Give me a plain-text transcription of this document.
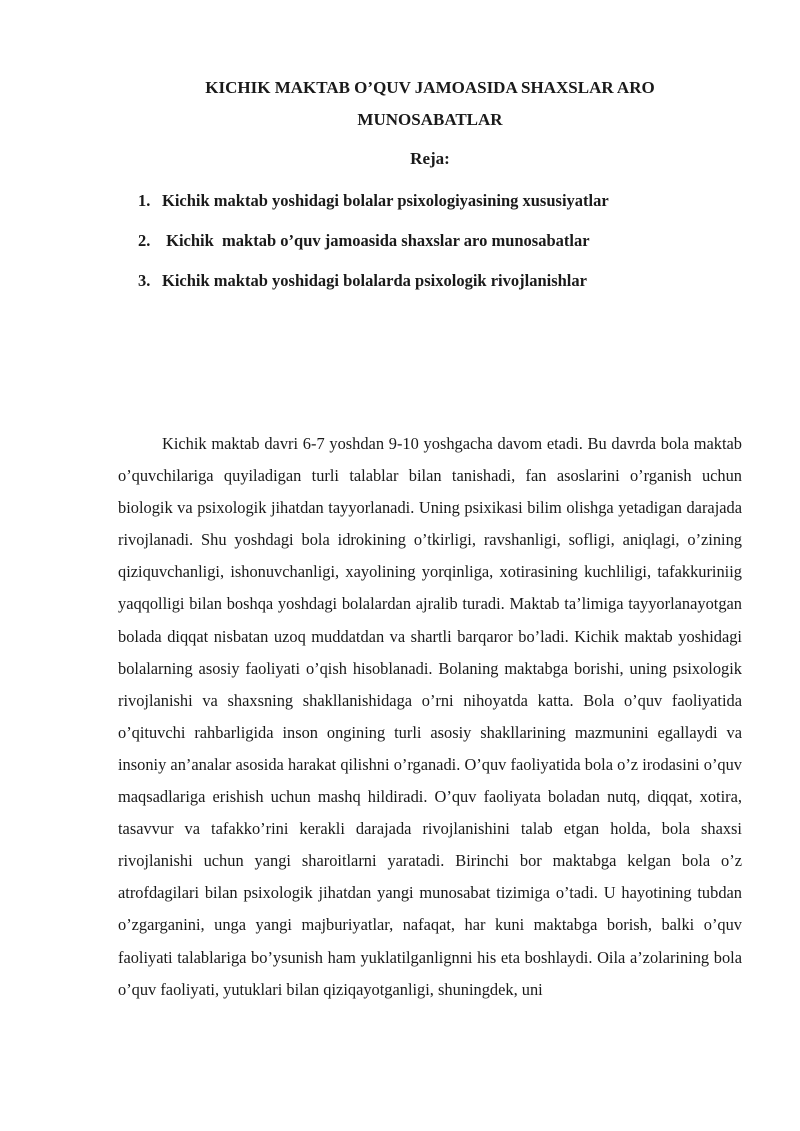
KICHIK MAKTAB O’QUV JAMOASIDA SHAXSLAR ARO
MUNOSABATLAR
Reja:
1. Kichik maktab yoshidagi bolalar psixologiyasining xususiyatlar
2. Kichik  maktab o’quv jamoasida shaxslar aro munosabatlar
3. Kichik maktab yoshidagi bolalarda psixologik rivojlanishlar

Kichik maktab davri 6-7 yoshdan 9-10 yoshgacha davom etadi. Bu davrda bola maktab o’quvchilariga quyiladigan turli talablar bilan tanishadi, fan asoslarini o’rganish uchun biologik va psixologik jihatdan tayyorlanadi. Uning psixikasi bilim olishga yetadigan darajada rivojlanadi. Shu yoshdagi bola idrokining o’tkirligi, ravshanligi, sofligi, aniqlagi, o’zining qiziquvchanligi, ishonuvchanligi, xayolining yorqinliga, xotirasining kuchliligi, tafakkuriniig yaqqolligi bilan boshqa yoshdagi bolalardan ajralib turadi. Maktab ta’limiga tayyorlanayotgan bolada diqqat nisbatan uzoq muddatdan va shartli barqaror bo’ladi. Kichik maktab yoshidagi bolalarning asosiy faoliyati o’qish hisoblanadi. Bolaning maktabga borishi, uning psixologik rivojlanishi va shaxsning shakllanishidaga o’rni nihoyatda katta. Bola o’quv faoliyatida o’qituvchi rahbarligida inson ongining turli asosiy shakllarining mazmunini egallaydi va insoniy an’analar asosida harakat qilishni o’rganadi. O’quv faoliyatida bola o’z irodasini o’quv maqsadlariga erishish uchun mashq hildiradi. O’quv faoliyata boladan nutq, diqqat, xotira, tasavvur va tafakko’rini kerakli darajada rivojlanishini talab etgan holda, bola shaxsi rivojlanishi uchun yangi sharoitlarni yaratadi. Birinchi bor maktabga kelgan bola o’z atrofdagilari bilan psixologik jihatdan yangi munosabat tizimiga o’tadi. U hayotining tubdan o’zgarganini, unga yangi majburiyatlar, nafaqat, har kuni maktabga borish, balki o’quv faoliyati talablariga bo’ysunish ham yuklatilganlignni his eta boshlaydi. Oila a’zolarining bola o’quv faoliyati, yutuklari bilan qiziqayotganligi, shuningdek, uni
